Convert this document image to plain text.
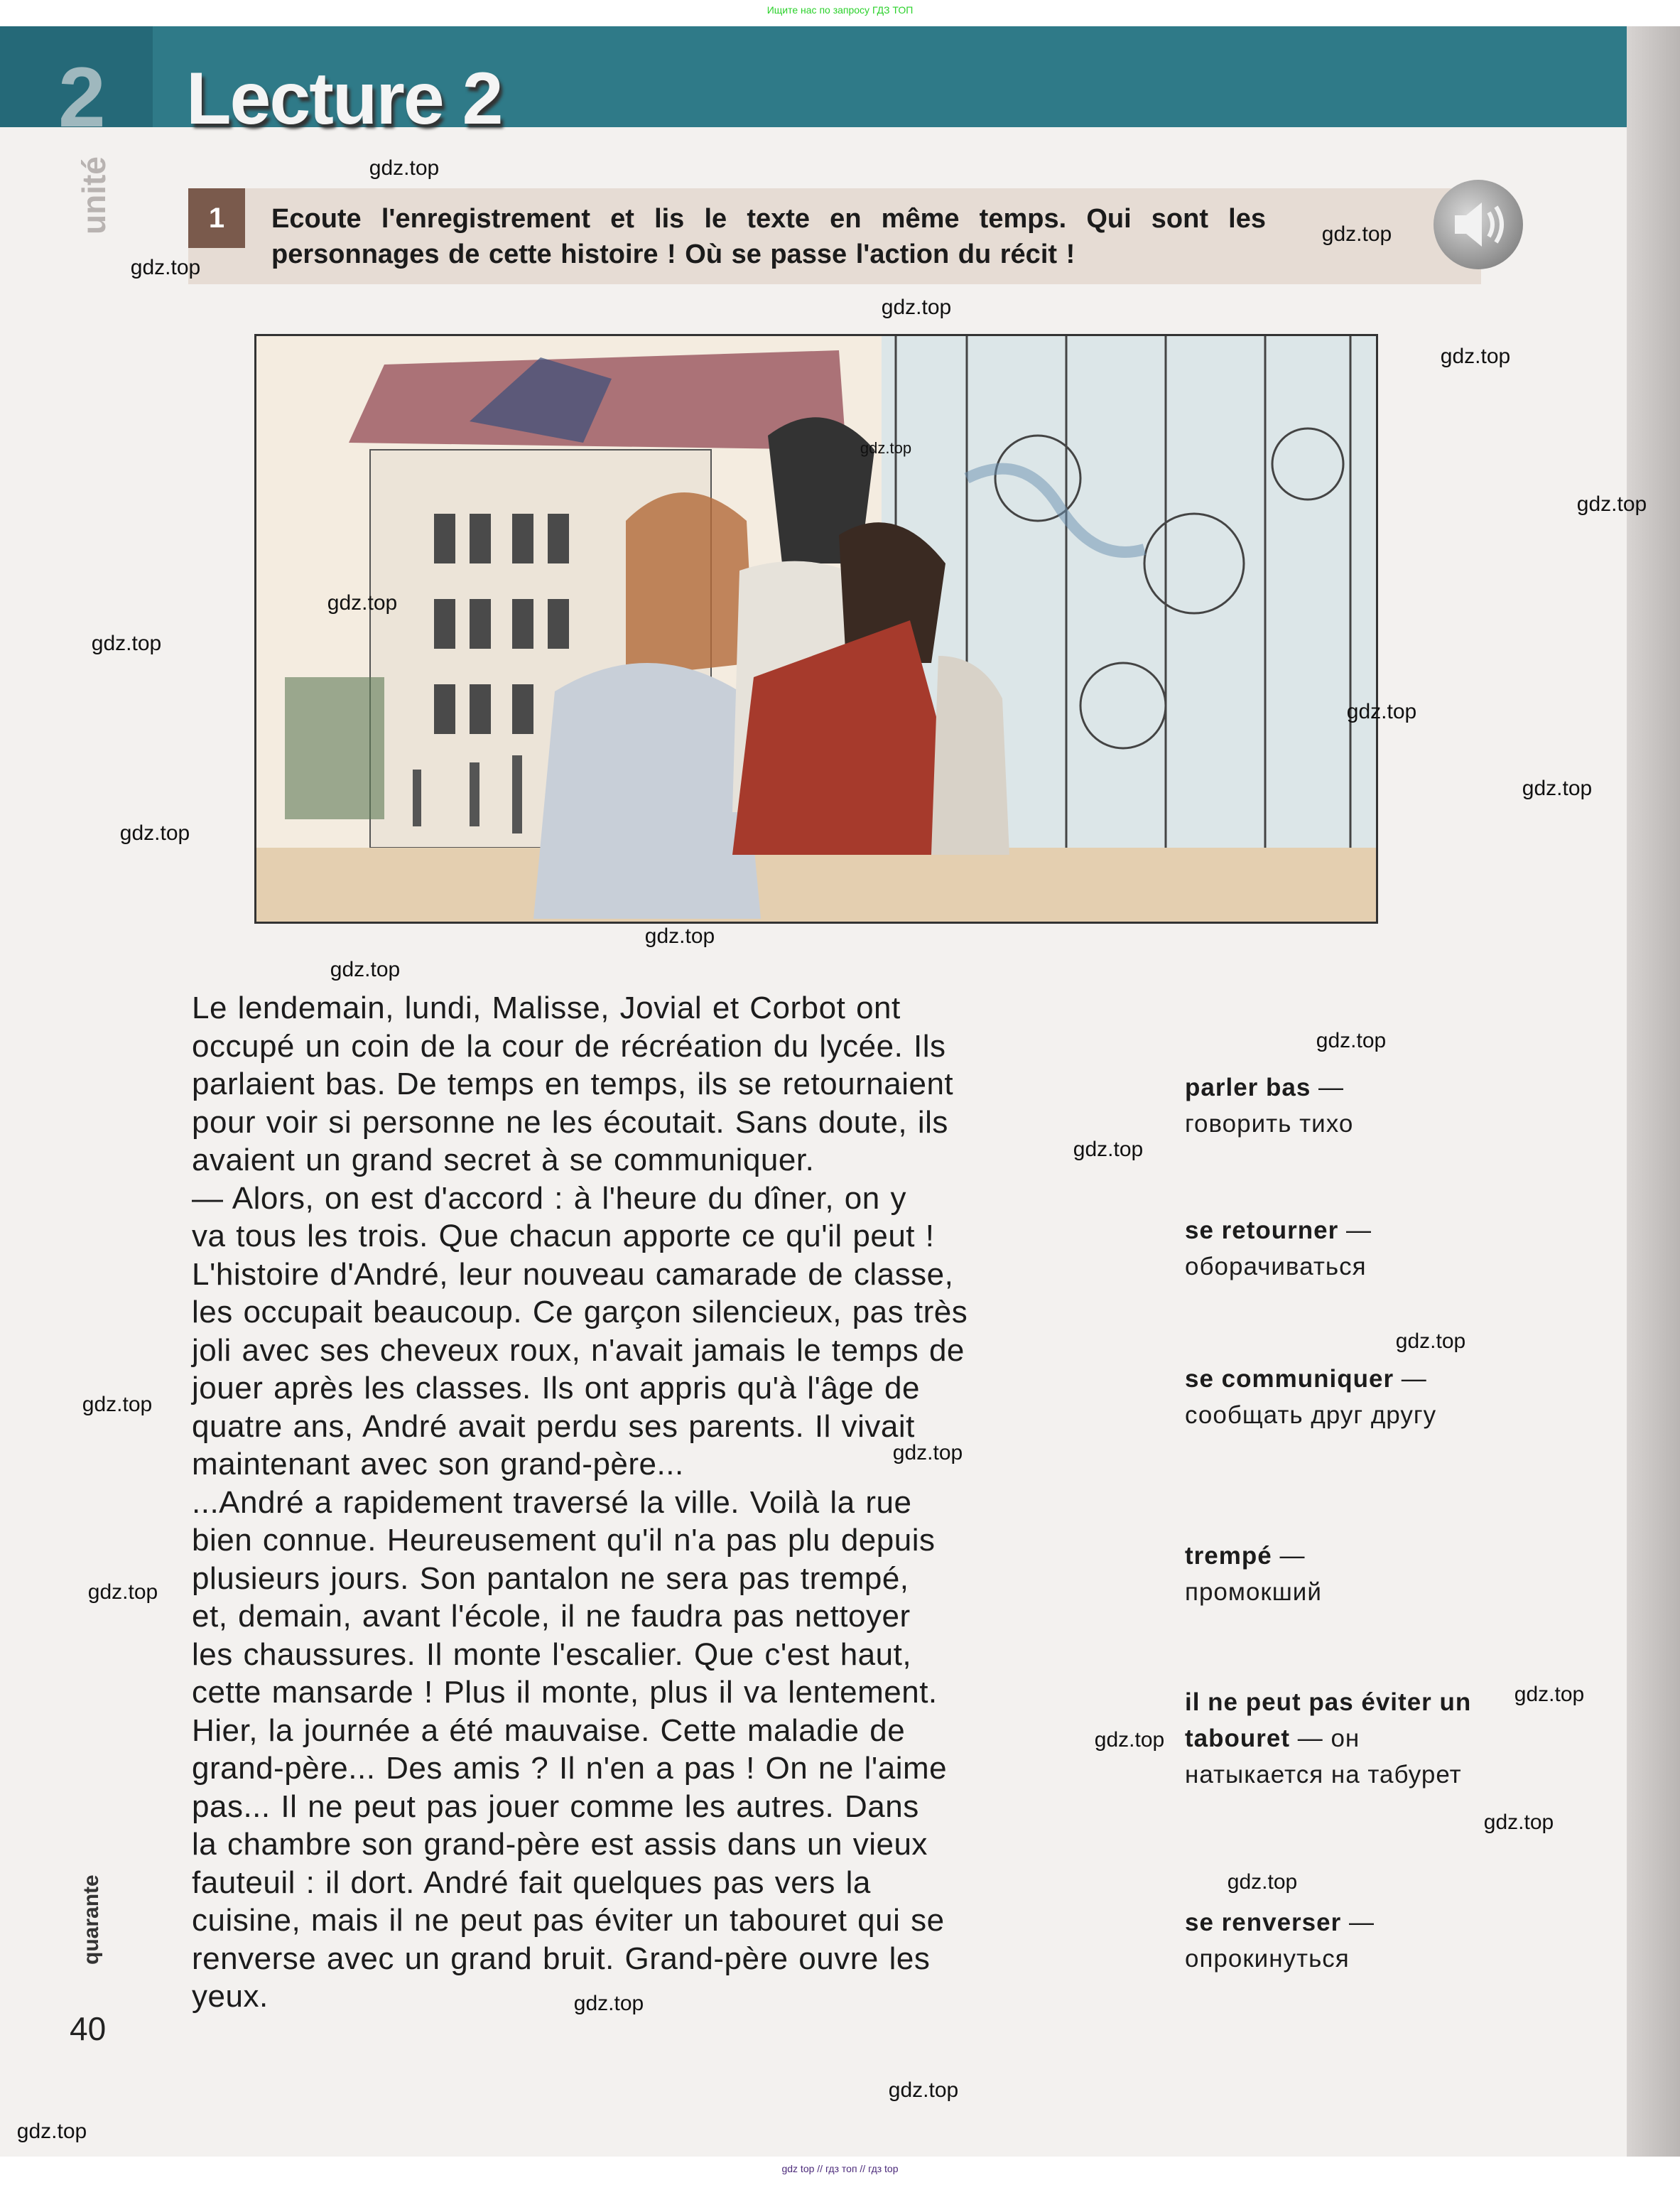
Ищите нас по запросу ГДЗ ТОП
2 Lecture 2
unité	1	Ecoute l'enregistrement et lis le texte en même temps. Qui sont les personnages de cette histoire ! Où se passe l'action du récit !
Le lendemain, lundi, Malisse, Jovial et Corbot ont
occupé un coin de la cour de récréation du lycée. Ils
parlaient bas. De temps en temps, ils se retournaient
pour voir si personne ne les écoutait. Sans doute, ils
avaient un grand secret à se communiquer.
— Alors, on est d'accord : à l'heure du dîner, on y
va tous les trois. Que chacun apporte ce qu'il peut !
L'histoire d'André, leur nouveau camarade de classe,
les occupait beaucoup. Ce garçon silencieux, pas très
joli avec ses cheveux roux, n'avait jamais le temps de
jouer après les classes. Ils ont appris qu'à l'âge de
quatre ans, André avait perdu ses parents. Il vivait
maintenant avec son grand-père...
...André a rapidement traversé la ville. Voilà la rue
bien connue. Heureusement qu'il n'a pas plu depuis
plusieurs jours. Son pantalon ne sera pas trempé,
et, demain, avant l'école, il ne faudra pas nettoyer
les chaussures. Il monte l'escalier. Que c'est haut,
cette mansarde ! Plus il monte, plus il va lentement.
Hier, la journée a été mauvaise. Cette maladie de
grand-père... Des amis ? Il n'en a pas ! On ne l'aime
pas... Il ne peut pas jouer comme les autres. Dans
la chambre son grand-père est assis dans un vieux
fauteuil : il dort. André fait quelques pas vers la
cuisine, mais il ne peut pas éviter un tabouret qui se
renverse avec un grand bruit. Grand-père ouvre les
yeux.
parler bas — говорить тихо
se retourner — оборачиваться
se communiquer — сообщать друг другу
trempé — промокший
il ne peut pas éviter un tabouret — он натыкается на табурет
se renverser — опрокинуться
quarante
40
gdz top // гдз топ // гдз top
gdz.top
gdz.top
gdz.top
gdz.top
gdz.top
gdz.top
gdz.top
gdz.top
gdz.top
gdz.top
gdz.top
gdz.top
gdz.top
gdz.top
gdz.top
gdz.top
gdz.top
gdz.top
gdz.top
gdz.top
gdz.top
gdz.top
gdz.top
gdz.top
gdz.top
gdz.top
gdz.top
